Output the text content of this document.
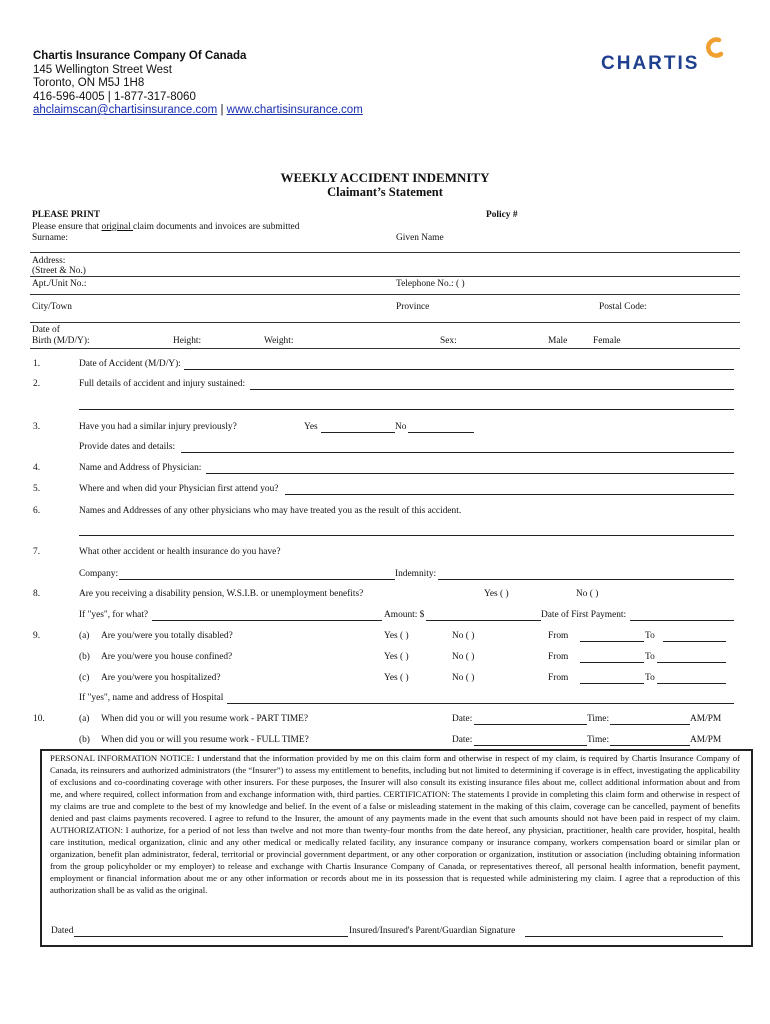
Chartis Insurance Company Of Canada
145 Wellington Street West
Toronto, ON M5J 1H8
416-596-4005 | 1-877-317-8060
ahclaimscan@chartisinsurance.com | www.chartisinsurance.com
CHARTIS
WEEKLY ACCIDENT INDEMNITY
Claimant’s Statement
PLEASE PRINT	Policy #
Please ensure that original claim documents and invoices are submitted
Surname:	Given Name
Address:
(Street & No.)
Apt./Unit No.:	Telephone No.: ( )
City/Town	Province	Postal Code:
Date of
Birth (M/D/Y):	Height:	Weight:	Sex:	Male	Female
1.	Date of Accident (M/D/Y):
2.	Full details of accident and injury sustained:
3.	Have you had a similar injury previously?	Yes	No
Provide dates and details:
4.	Name and Address of Physician:
5.	Where and when did your Physician first attend you?
6.	Names and Addresses of any other physicians who may have treated you as the result of this accident.
7.	What other accident or health insurance do you have?
Company:	Indemnity:
8.	Are you receiving a disability pension, W.S.I.B. or unemployment benefits?	Yes ( )	No ( )
If "yes", for what?	Amount: $	Date of First Payment:
9.	(a) Are you/were you totally disabled?	Yes ( )	No ( )	From	To
(b) Are you/were you house confined?	Yes ( )	No ( )	From	To
(c) Are you/were you hospitalized?	Yes ( )	No ( )	From	To
If "yes", name and address of Hospital
10.	(a) When did you or will you resume work - PART TIME?	Date:	Time:	AM/PM
(b) When did you or will you resume work - FULL TIME?	Date:	Time:	AM/PM
PERSONAL INFORMATION NOTICE: I understand that the information provided by me on this claim form and otherwise in respect of my claim, is required by Chartis Insurance Company of Canada, its reinsurers and authorized administrators (the “Insurer”) to assess my entitlement to benefits, including but not limited to determining if coverage is in effect, investigating the applicability of exclusions and co-coordinating coverage with other insurers. For these purposes, the Insurer will also consult its existing insurance files about me, collect additional information about and from me, and where required, collect information from and exchange information with, third parties. CERTIFICATION: The statements I provide in completing this claim form and otherwise in respect of my claims are true and complete to the best of my knowledge and belief. In the event of a false or misleading statement in the making of this claim, coverage can be cancelled, payment of benefits denied and past claims payments recovered. I agree to refund to the Insurer, the amount of any payments made in the event that such amounts should not have been paid in respect of my claim. AUTHORIZATION: I authorize, for a period of not less than twelve and not more than twenty-four months from the date hereof, any physician, practitioner, health care provider, hospital, health care institution, medical organization, clinic and any other medical or medically related facility, any insurance company or insurance company, workers compensation board or similar plan or organization, benefit plan administrator, federal, territorial or provincial government department, or any other corporation or organization, institution or association (including obtaining information from the group policyholder or my employer) to release and exchange with Chartis Insurance Company of Canada, or representatives thereof, all personal health information, benefit payment, employment or financial information about me or any other information or records about me in its possession that is requested while administering my claim. I agree that a reproduction of this authorization shall be as valid as the original.
Dated	Insured/Insured's Parent/Guardian Signature
